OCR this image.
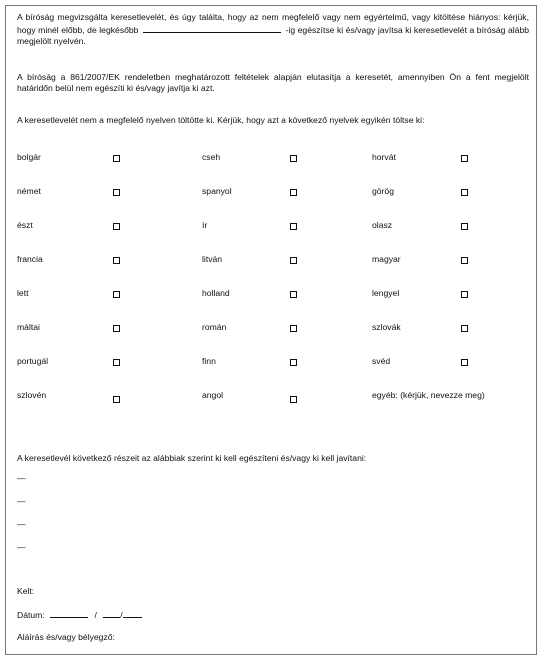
A bíróság megvizsgálta keresetlevelét, és úgy találta, hogy az nem megfelelő vagy nem egyértelmű, vagy kitöltése hiányos: kérjük, hogy minél előbb, de legkésőbb	-ig egészítse ki és/vagy javítsa ki keresetlevelét a bíróság alább megjelölt nyelvén.
A bíróság a 861/2007/EK rendeletben meghatározott feltételek alapján elutasítja a keresetét, amennyiben Ön a fent megjelölt határidőn belül nem egészíti ki és/vagy javítja ki azt.
A keresetlevelét nem a megfelelő nyelven töltötte ki. Kérjük, hogy azt a következő nyelvek egyikén töltse ki:
bolgár	cseh	horvát
német	spanyol	görög
észt	ír	olasz
francia	litván	magyar
lett	holland	lengyel
máltai	román	szlovák
portugál	finn	svéd
szlovén	angol	egyéb: (kérjük, nevezze meg)
A keresetlevél következő részeit az alábbiak szerint ki kell egészíteni és/vagy ki kell javítani:
—
—
—
—
Kelt:
Dátum:	/	/
Aláírás és/vagy bélyegző:
